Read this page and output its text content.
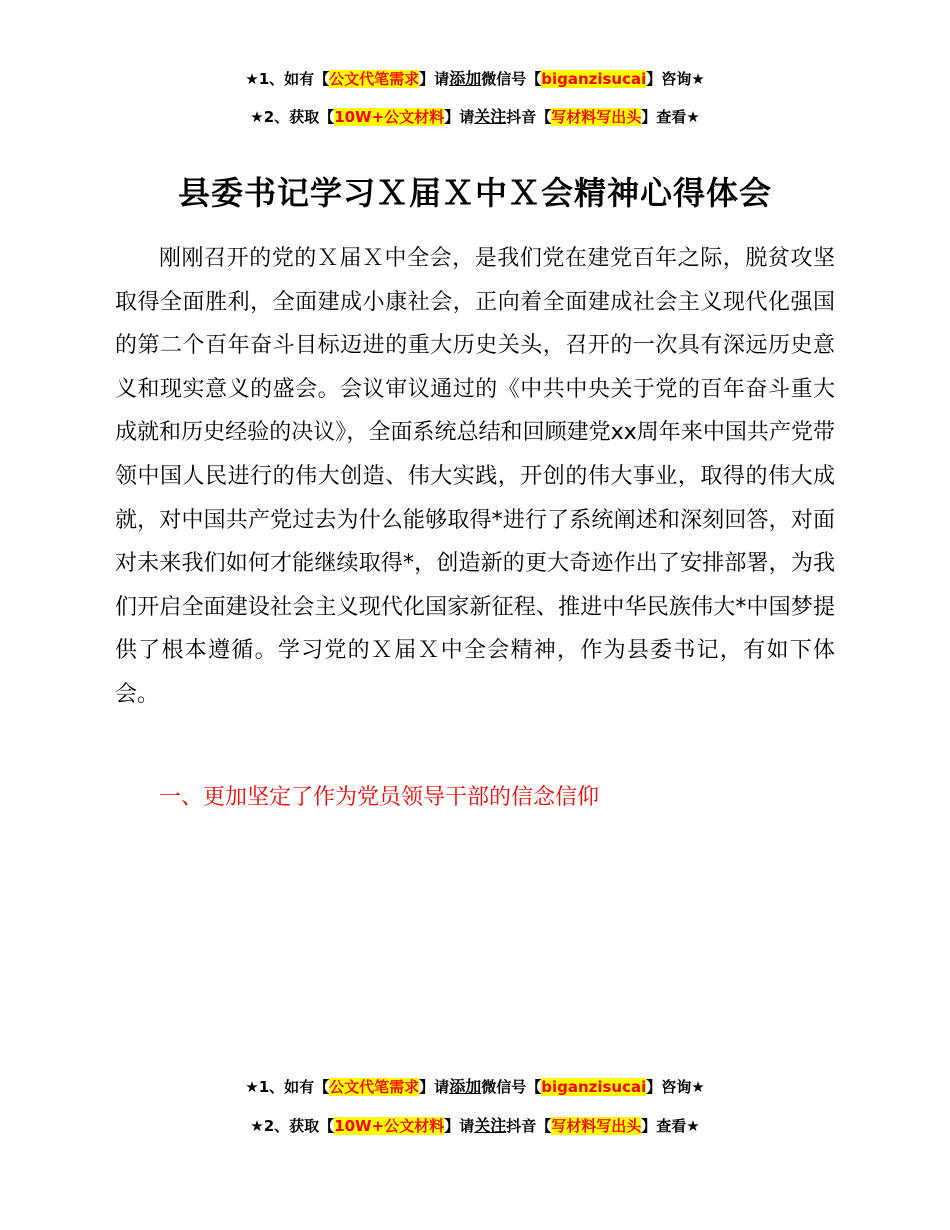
★1、如有【公文代笔需求】请添加微信号【biganzisucai】咨询★
★2、获取【10W+公文材料】请关注抖音【写材料写出头】查看★
县委书记学习Ｘ届Ｘ中Ｘ会精神心得体会

刚刚召开的党的Ｘ届Ｘ中全会，是我们党在建党百年之际，脱贫攻坚取得全面胜利，全面建成小康社会，正向着全面建成社会主义现代化强国的第二个百年奋斗目标迈进的重大历史关头，召开的一次具有深远历史意义和现实意义的盛会。会议审议通过的《中共中央关于党的百年奋斗重大成就和历史经验的决议》，全面系统总结和回顾建党xx周年来中国共产党带领中国人民进行的伟大创造、伟大实践，开创的伟大事业，取得的伟大成就，对中国共产党过去为什么能够取得*进行了系统阐述和深刻回答，对面对未来我们如何才能继续取得*，创造新的更大奇迹作出了安排部署，为我们开启全面建设社会主义现代化国家新征程、推进中华民族伟大*中国梦提供了根本遵循。学习党的Ｘ届Ｘ中全会精神，作为县委书记，有如下体会。

一、更加坚定了作为党员领导干部的信念信仰
★1、如有【公文代笔需求】请添加微信号【biganzisucai】咨询★
★2、获取【10W+公文材料】请关注抖音【写材料写出头】查看★
